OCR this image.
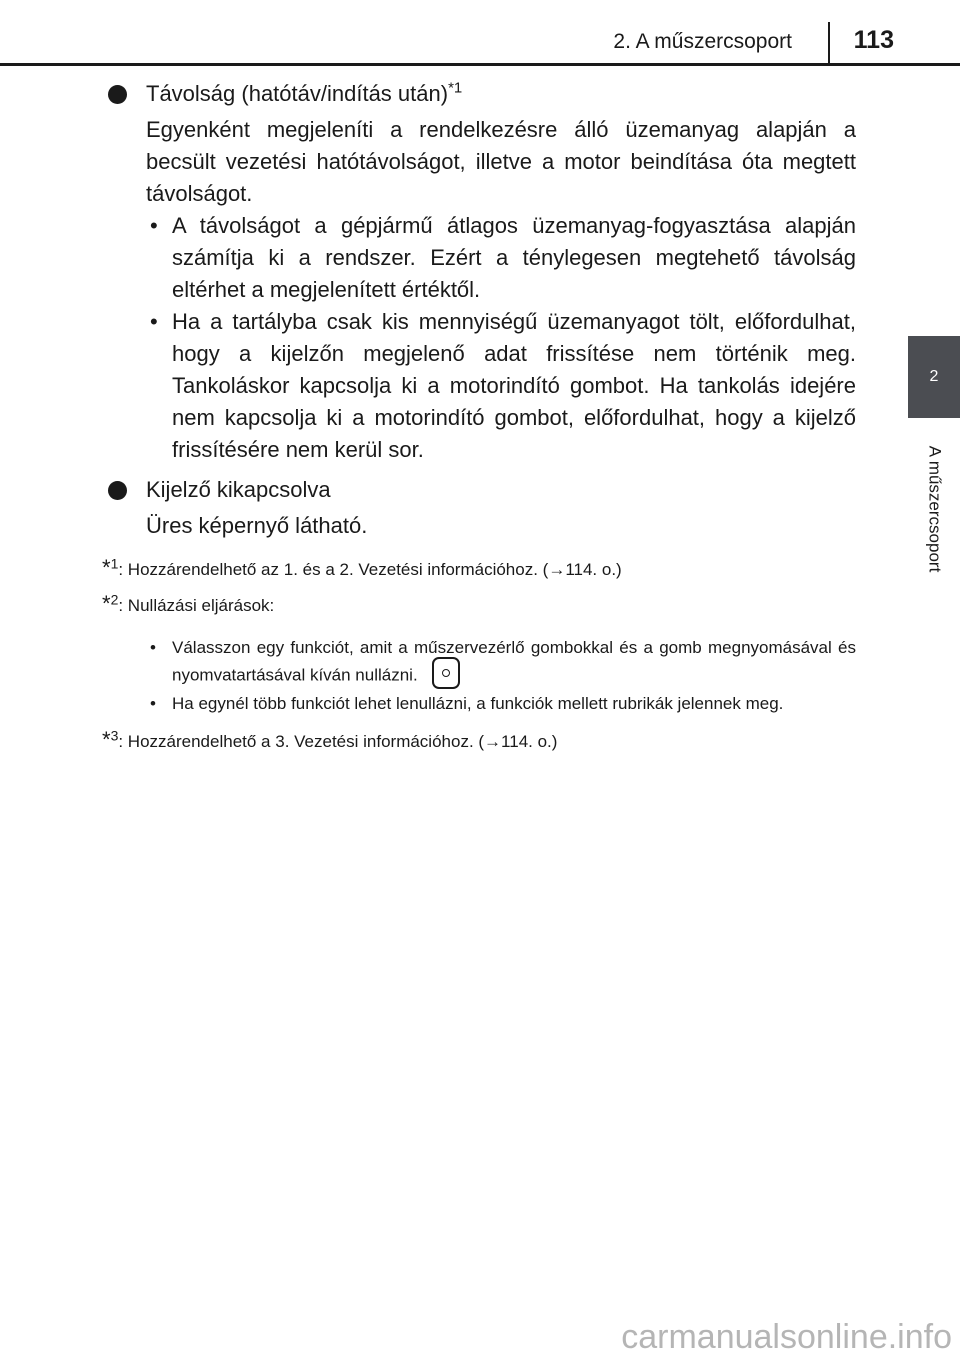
2. A műszercsoport 113
2
A műszercsoport

Távolság (hatótáv/indítás után)$^{*1}$

Egyenként megjeleníti a rendelkezésre álló üzemanyag alapján a becsült vezetési hatótávolságot, illetve a motor beindítása óta megtett távolságot.

• A távolságot a gépjármű átlagos üzemanyag-fogyasztása alapján számítja ki a rendszer. Ezért a ténylegesen megtehető távolság eltérhet a megjelenített értéktől.
• Ha a tartályba csak kis mennyiségű üzemanyagot tölt, előfordulhat, hogy a kijelzőn megjelenő adat frissítése nem történik meg. Tankoláskor kapcsolja ki a motorindító gombot. Ha tankolás idejére nem kapcsolja ki a motorindító gombot, előfordulhat, hogy a kijelző frissítésére nem kerül sor.

Kijelző kikapcsolva

Üres képernyő látható.

*$^1$: Hozzárendelhető az 1. és a 2. Vezetési információhoz. (→114. o.)
*$^2$: Nullázási eljárások:
• Válasszon egy funkciót, amit a műszervezérlő gombokkal és a gomb megnyomásával és nyomvatartásával kíván nullázni.
• Ha egynél több funkciót lehet lenullázni, a funkciók mellett rubrikák jelennek meg.
*$^3$: Hozzárendelhető a 3. Vezetési információhoz. (→114. o.)
carmanualsonline.info
